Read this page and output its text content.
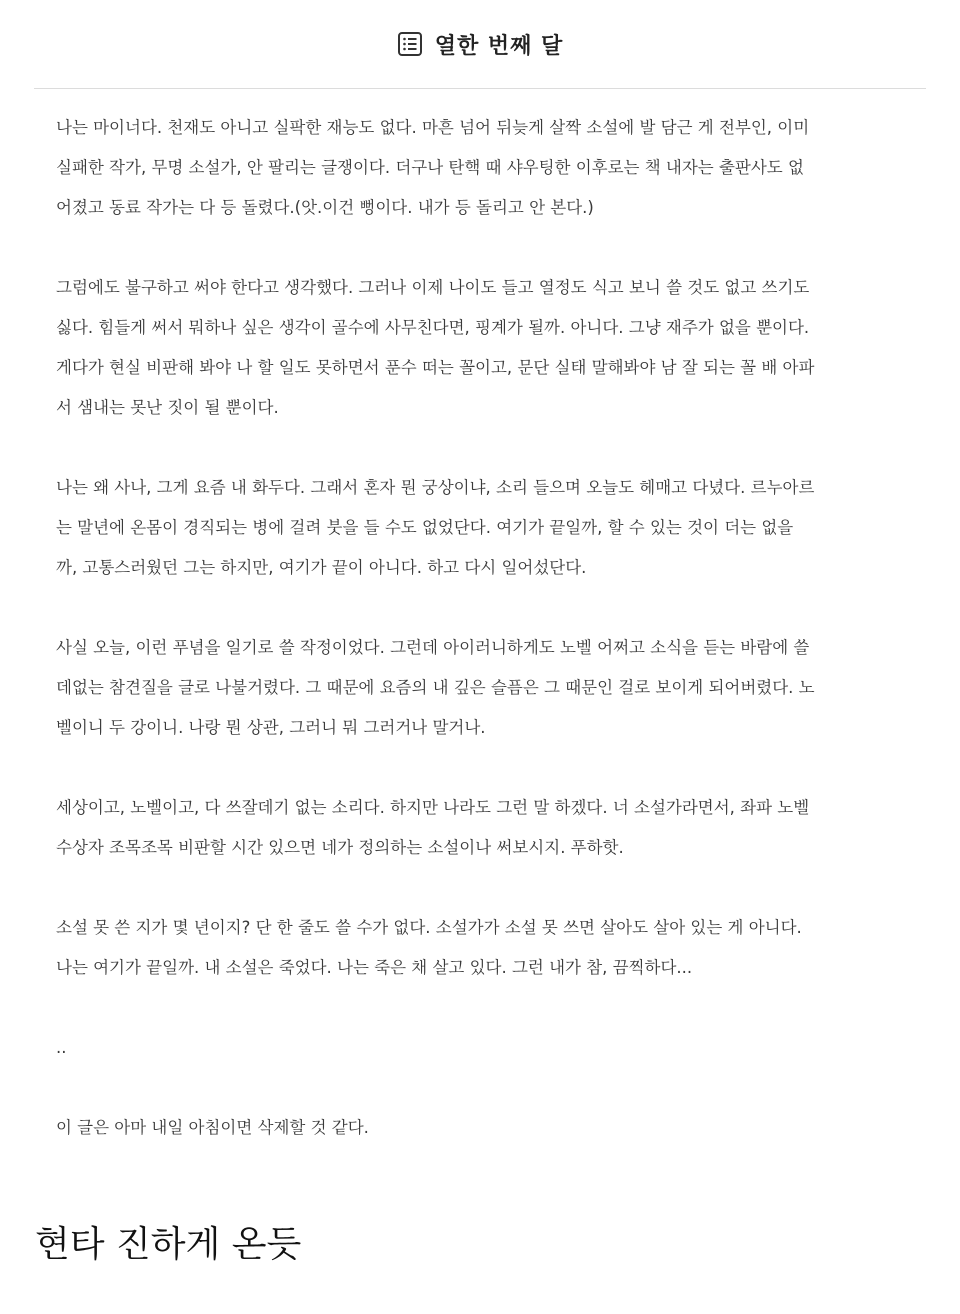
열한 번째 달

나는 마이너다. 천재도 아니고 실팍한 재능도 없다. 마흔 넘어 뒤늦게 살짝 소설에 발 담근 게 전부인, 이미
실패한 작가, 무명 소설가, 안 팔리는 글쟁이다. 더구나 탄핵 때 샤우팅한 이후로는 책 내자는 출판사도 없
어졌고 동료 작가는 다 등 돌렸다.(앗.이건 뻥이다. 내가 등 돌리고 안 본다.)

그럼에도 불구하고 써야 한다고 생각했다. 그러나 이제 나이도 들고 열정도 식고 보니 쓸 것도 없고 쓰기도
싫다. 힘들게 써서 뭐하나 싶은 생각이 골수에 사무친다면, 핑계가 될까. 아니다. 그냥 재주가 없을 뿐이다.
게다가 현실 비판해 봐야 나 할 일도 못하면서 푼수 떠는 꼴이고, 문단 실태 말해봐야 남 잘 되는 꼴 배 아파
서 샘내는 못난 짓이 될 뿐이다.

나는 왜 사나, 그게 요즘 내 화두다. 그래서 혼자 뭔 궁상이냐, 소리 들으며 오늘도 헤매고 다녔다. 르누아르
는 말년에 온몸이 경직되는 병에 걸려 붓을 들 수도 없었단다. 여기가 끝일까, 할 수 있는 것이 더는 없을
까, 고통스러웠던 그는 하지만, 여기가 끝이 아니다. 하고 다시 일어섰단다.

사실 오늘, 이런 푸념을 일기로 쓸 작정이었다. 그런데 아이러니하게도 노벨 어쩌고 소식을 듣는 바람에 쓸
데없는 참견질을 글로 나불거렸다. 그 때문에 요즘의 내 깊은 슬픔은 그 때문인 걸로 보이게 되어버렸다. 노
벨이니 두 강이니. 나랑 뭔 상관, 그러니 뭐 그러거나 말거나.

세상이고, 노벨이고, 다 쓰잘데기 없는 소리다. 하지만 나라도 그런 말 하겠다. 너 소설가라면서, 좌파 노벨
수상자 조목조목 비판할 시간 있으면 네가 정의하는 소설이나 써보시지. 푸하핫.

소설 못 쓴 지가 몇 년이지? 단 한 줄도 쓸 수가 없다. 소설가가 소설 못 쓰면 살아도 살아 있는 게 아니다.
나는 여기가 끝일까. 내 소설은 죽었다. 나는 죽은 채 살고 있다. 그런 내가 참, 끔찍하다...

..

이 글은 아마 내일 아침이면 삭제할 것 같다.

현타 진하게 온듯
